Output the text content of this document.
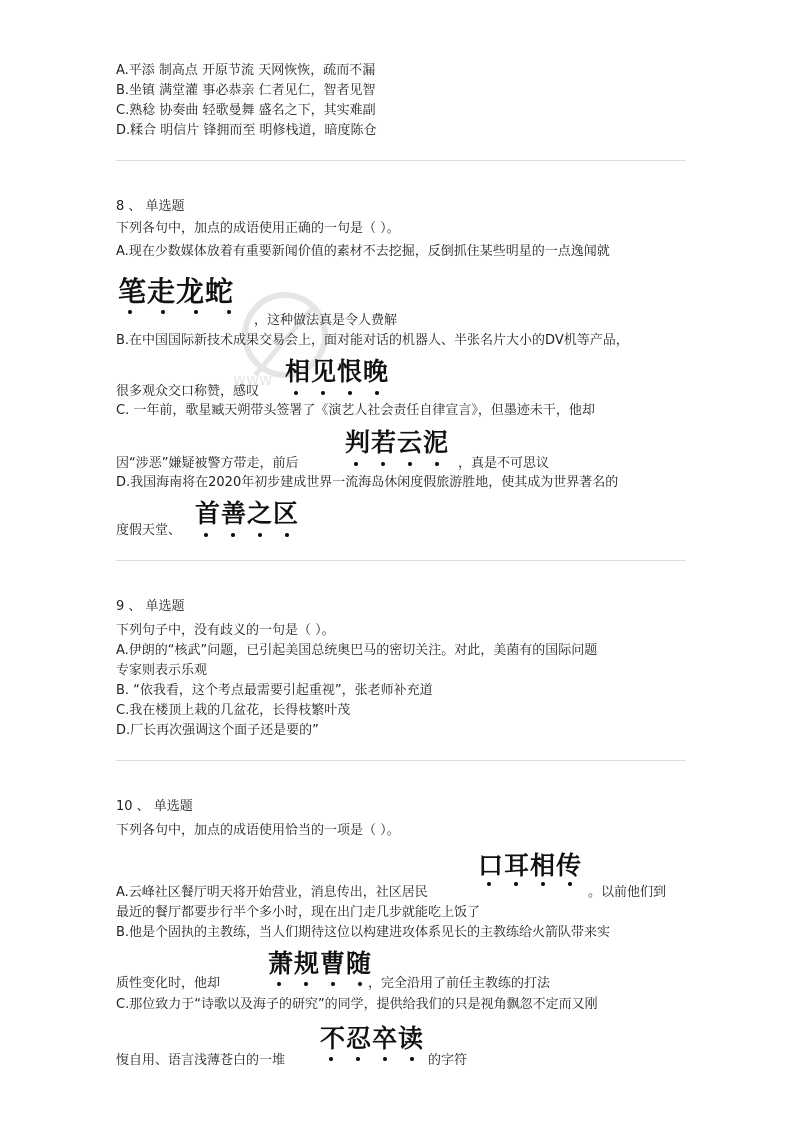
www
A.平添 制高点 开原节流 天网恢恢，疏而不漏
B.坐镇 满堂灌 事必恭亲 仁者见仁，智者见智
C.熟稔 协奏曲 轻歌曼舞 盛名之下，其实难副
D.糅合 明信片 锋拥而至 明修栈道，暗度陈仓
8 、 单选题
下列各句中，加点的成语使用正确的一句是（ ）。
A.现在少数媒体放着有重要新闻价值的素材不去挖掘，反倒抓住某些明星的一点逸闻就
笔走龙蛇
，这种做法真是令人费解
B.在中国国际新技术成果交易会上，面对能对话的机器人、半张名片大小的DV机等产品，
相见恨晚
很多观众交口称赞，感叹
C. 一年前，歌星臧天朔带头签署了《演艺人社会责任自律宣言》，但墨迹未干，他却
判若云泥
因“涉恶”嫌疑被警方带走，前后	，真是不可思议
D.我国海南将在2020年初步建成世界一流海岛休闲度假旅游胜地，使其成为世界著名的
首善之区
度假天堂、
9 、 单选题
下列句子中，没有歧义的一句是（ ）。
A.伊朗的“核武”问题，已引起美国总统奥巴马的密切关注。对此，美菌有的国际问题
专家则表示乐观
B. “依我看，这个考点最需要引起重视”，张老师补充道
C.我在楼顶上栽的几盆花，长得枝繁叶茂
D.厂长再次强调这个面子还是要的”
10 、 单选题
下列各句中，加点的成语使用恰当的一项是（ ）。
口耳相传
A.云峰社区餐厅明天将开始营业，消息传出，社区居民	。以前他们到
最近的餐厅都要步行半个多小时，现在出门走几步就能吃上饭了
B.他是个固执的主教练，当人们期待这位以构建进攻体系见长的主教练给火箭队带来实
萧规曹随
质性变化时，他却	，完全沿用了前任主教练的打法
C.那位致力于“诗歌以及海子的研究”的同学，提供给我们的只是视角飘忽不定而又刚
不忍卒读
愎自用、语言浅薄苍白的一堆	的字符
